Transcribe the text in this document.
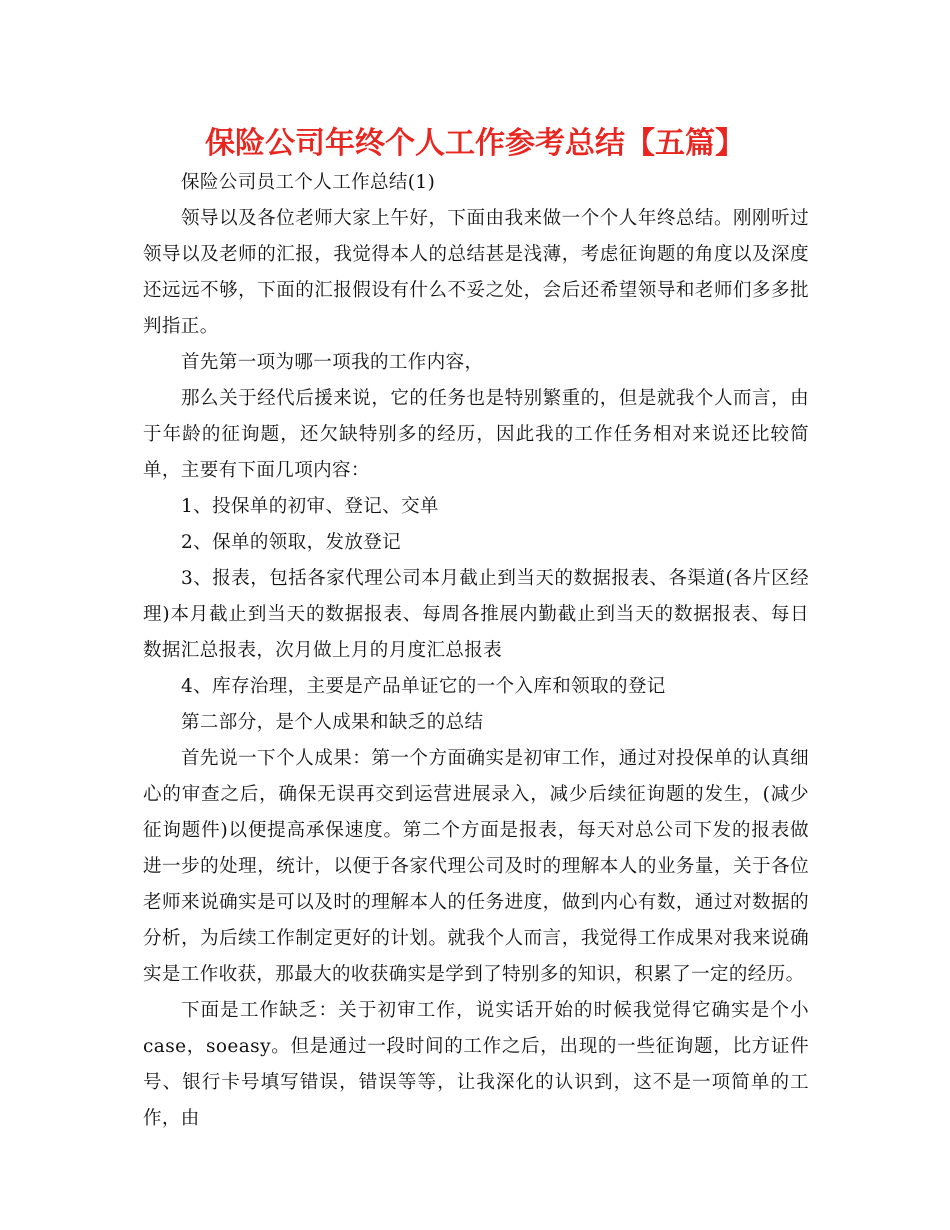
保险公司年终个人工作参考总结【五篇】

保险公司员工个人工作总结(1)

领导以及各位老师大家上午好，下面由我来做一个个人年终总结。刚刚听过领导以及老师的汇报，我觉得本人的总结甚是浅薄，考虑征询题的角度以及深度还远远不够，下面的汇报假设有什么不妥之处，会后还希望领导和老师们多多批判指正。

首先第一项为哪一项我的工作内容，

那么关于经代后援来说，它的任务也是特别繁重的，但是就我个人而言，由于年龄的征询题，还欠缺特别多的经历，因此我的工作任务相对来说还比较简单，主要有下面几项内容：

1、投保单的初审、登记、交单

2、保单的领取，发放登记

3、报表，包括各家代理公司本月截止到当天的数据报表、各渠道(各片区经理)本月截止到当天的数据报表、每周各推展内勤截止到当天的数据报表、每日数据汇总报表，次月做上月的月度汇总报表

4、库存治理，主要是产品单证它的一个入库和领取的登记

第二部分，是个人成果和缺乏的总结

首先说一下个人成果：第一个方面确实是初审工作，通过对投保单的认真细心的审查之后，确保无误再交到运营进展录入，减少后续征询题的发生，(减少征询题件)以便提高承保速度。第二个方面是报表，每天对总公司下发的报表做进一步的处理，统计，以便于各家代理公司及时的理解本人的业务量，关于各位老师来说确实是可以及时的理解本人的任务进度，做到内心有数，通过对数据的分析，为后续工作制定更好的计划。就我个人而言，我觉得工作成果对我来说确实是工作收获，那最大的收获确实是学到了特别多的知识，积累了一定的经历。

下面是工作缺乏：关于初审工作，说实话开始的时候我觉得它确实是个小case，soeasy。但是通过一段时间的工作之后，出现的一些征询题，比方证件号、银行卡号填写错误，错误等等，让我深化的认识到，这不是一项简单的工作，由
